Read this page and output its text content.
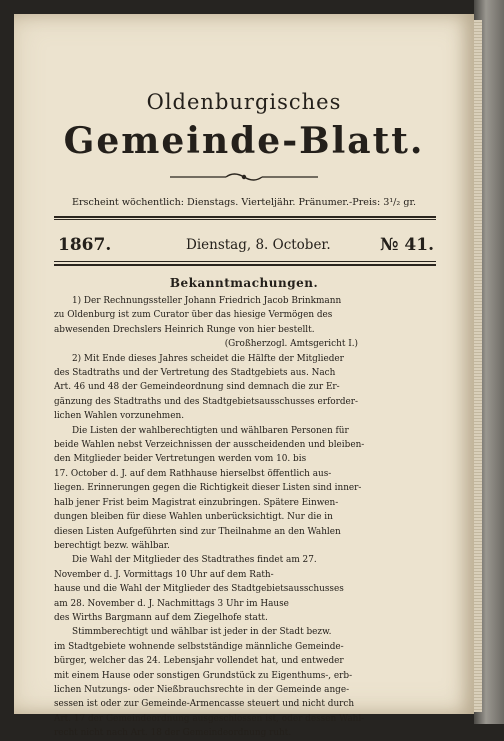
Oldenburgisches
Gemeinde-Blatt.
Erscheint wöchentlich: Dienstags. Vierteljähr. Pränumer.-Preis: 3¹/₂ gr.
1867.	Dienstag, 8. October.	№ 41.
Bekanntmachungen.
1) Der Rechnungssteller Johann Friedrich Jacob Brinkmann
zu Oldenburg ist zum Curator über das hiesige Vermögen des
abwesenden Drechslers Heinrich Runge von hier bestellt.
(Großherzogl. Amtsgericht I.)
2) Mit Ende dieses Jahres scheidet die Hälfte der Mitglieder
des Stadtraths und der Vertretung des Stadtgebiets aus. Nach
Art. 46 und 48 der Gemeindeordnung sind demnach die zur Er-
gänzung des Stadtraths und des Stadtgebietsausschusses erforder-
lichen Wahlen vorzunehmen.
Die Listen der wahlberechtigten und wählbaren Personen für
beide Wahlen nebst Verzeichnissen der ausscheidenden und bleiben-
den Mitglieder beider Vertretungen werden vom 10. bis
17. October d. J. auf dem Rathhause hierselbst öffentlich aus-
liegen. Erinnerungen gegen die Richtigkeit dieser Listen sind inner-
halb jener Frist beim Magistrat einzubringen. Spätere Einwen-
dungen bleiben für diese Wahlen unberücksichtigt. Nur die in
diesen Listen Aufgeführten sind zur Theilnahme an den Wahlen
berechtigt bezw. wählbar.
Die Wahl der Mitglieder des Stadtrathes findet am 27.
November d. J. Vormittags 10 Uhr auf dem Rath-
hause und die Wahl der Mitglieder des Stadtgebietsausschusses
am 28. November d. J. Nachmittags 3 Uhr im Hause
des Wirths Bargmann auf dem Ziegelhofe statt.
Stimmberechtigt und wählbar ist jeder in der Stadt bezw.
im Stadtgebiete wohnende selbstständige männliche Gemeinde-
bürger, welcher das 24. Lebensjahr vollendet hat, und entweder
mit einem Hause oder sonstigen Grundstück zu Eigenthums-, erb-
lichen Nutzungs- oder Nießbrauchsrechte in der Gemeinde ange-
sessen ist oder zur Gemeinde-Armencasse steuert und nicht durch
Art. 17 der Gemeindeordnung ausgeschlossen ist, oder dessen Wahl-
recht nicht nach Art. 18 der Gemeindeordnung ruht.
